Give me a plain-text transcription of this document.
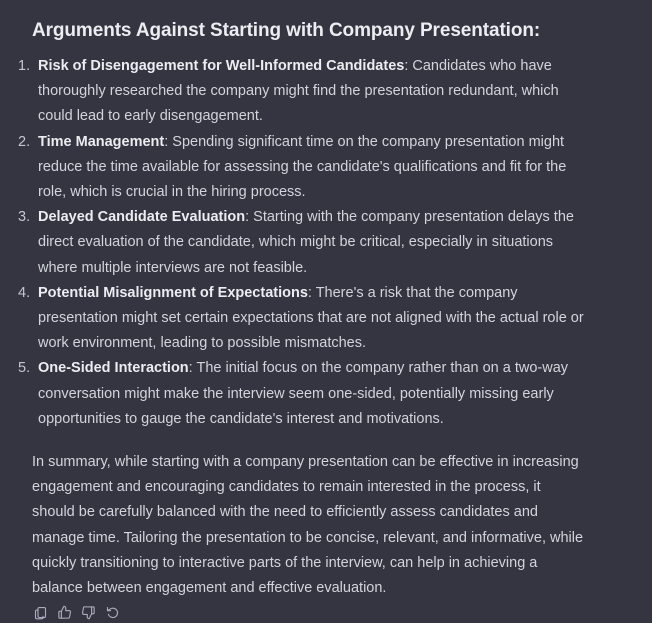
Arguments Against Starting with Company Presentation:
1. Risk of Disengagement for Well-Informed Candidates: Candidates who have thoroughly researched the company might find the presentation redundant, which could lead to early disengagement.
2. Time Management: Spending significant time on the company presentation might reduce the time available for assessing the candidate's qualifications and fit for the role, which is crucial in the hiring process.
3. Delayed Candidate Evaluation: Starting with the company presentation delays the direct evaluation of the candidate, which might be critical, especially in situations where multiple interviews are not feasible.
4. Potential Misalignment of Expectations: There's a risk that the company presentation might set certain expectations that are not aligned with the actual role or work environment, leading to possible mismatches.
5. One-Sided Interaction: The initial focus on the company rather than on a two-way conversation might make the interview seem one-sided, potentially missing early opportunities to gauge the candidate's interest and motivations.

In summary, while starting with a company presentation can be effective in increasing engagement and encouraging candidates to remain interested in the process, it should be carefully balanced with the need to efficiently assess candidates and manage time. Tailoring the presentation to be concise, relevant, and informative, while quickly transitioning to interactive parts of the interview, can help in achieving a balance between engagement and effective evaluation.
